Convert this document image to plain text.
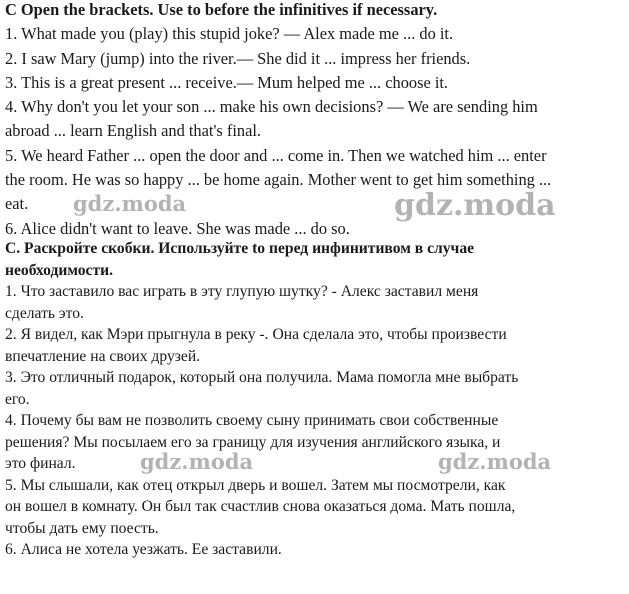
C Open the brackets. Use to before the infinitives if necessary.
1. What made you (play) this stupid joke? — Alex made me ... do it.
2. I saw Mary (jump) into the river.— She did it ... impress her friends.
3. This is a great present ... receive.— Mum helped me ... choose it.
4. Why don't you let your son ... make his own decisions? — We are sending him
abroad ... learn English and that's final.
5. We heard Father ... open the door and ... come in. Then we watched him ... enter
the room. He was so happy ... be home again. Mother went to get him something ...
eat.
6. Alice didn't want to leave. She was made ... do so.
C. Раскройте скобки. Используйте to перед инфинитивом в случае
необходимости.
1. Что заставило вас играть в эту глупую шутку? - Алекс заставил меня
сделать это.
2. Я видел, как Мэри прыгнула в реку -. Она сделала это, чтобы произвести
впечатление на своих друзей.
3. Это отличный подарок, который она получила. Мама помогла мне выбрать
его.
4. Почему бы вам не позволить своему сыну принимать свои собственные
решения? Мы посылаем его за границу для изучения английского языка, и
это финал.
5. Мы слышали, как отец открыл дверь и вошел. Затем мы посмотрели, как
он вошел в комнату. Он был так счастлив снова оказаться дома. Мать пошла,
чтобы дать ему поесть.
6. Алиса не хотела уезжать. Ее заставили.
gdz.moda	gdz.moda
gdz.moda	gdz.moda
